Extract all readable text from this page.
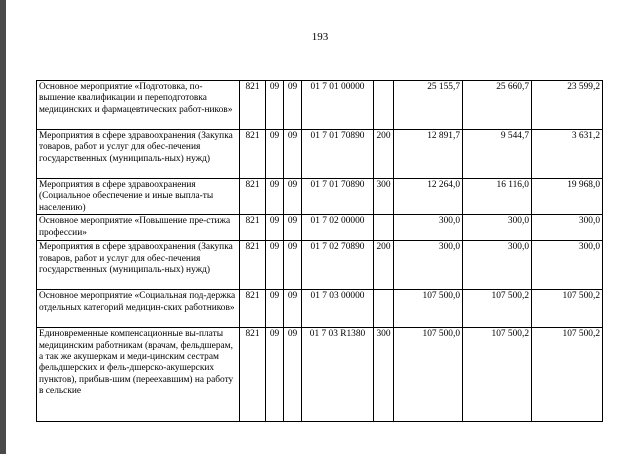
193
Основное мероприятие «Подготовка, по-вышение квалификации и переподготовка медицинских и фармацевтических работ-ников»	821	09	09	01 7 01 00000		25 155,7	25 660,7	23 599,2
Мероприятия в сфере здравоохранения (Закупка товаров, работ и услуг для обес-печения государственных (муниципаль-ных) нужд)	821	09	09	01 7 01 70890	200	12 891,7	9 544,7	3 631,2
Мероприятия в сфере здравоохранения (Социальное обеспечение и иные выпла-ты населению)	821	09	09	01 7 01 70890	300	12 264,0	16 116,0	19 968,0
Основное мероприятие «Повышение пре-стижа профессии»	821	09	09	01 7 02 00000		300,0	300,0	300,0
Мероприятия в сфере здравоохранения (Закупка товаров, работ и услуг для обес-печения государственных (муниципаль-ных) нужд)	821	09	09	01 7 02 70890	200	300,0	300,0	300,0
Основное мероприятие «Социальная под-держка отдельных категорий медицин-ских работников»	821	09	09	01 7 03 00000		107 500,0	107 500,2	107 500,2
Единовременные компенсационные вы-платы медицинским работникам (врачам, фельдшерам, а так же акушеркам и меди-цинским сестрам фельдшерских и фель-дшерско-акушерских пунктов), прибыв-шим (переехавшим) на работу в сельские	821	09	09	01 7 03 R1380	300	107 500,0	107 500,2	107 500,2
